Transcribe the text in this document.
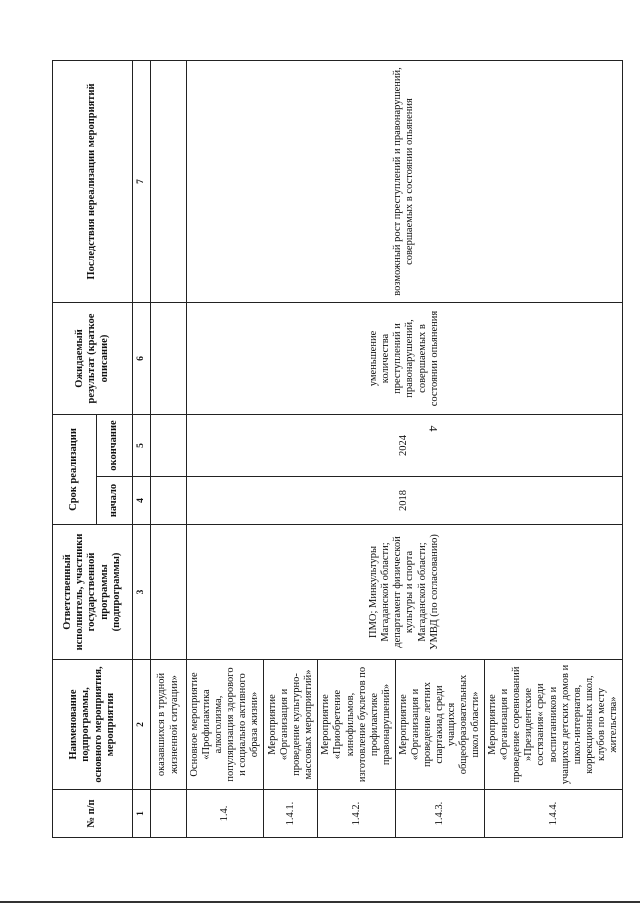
4
№ п/п	Наименование подпрограммы, основного мероприятия, мероприятия	Ответственный исполнитель, участники государственной программы (подпрограммы)	Срок реализации		Ожидаемый результат (краткое описание)	Последствия нереализации мероприятий
			начало	окончание		
1	2	3	4	5	6	7
	оказавшихся в трудной жизненной ситуации»					
1.4.	Основное мероприятие «Профилактика алкоголизма, популяризация здорового и социально активного образа жизни»	ПМО; Минкультуры Магаданской области; департамент физической культуры и спорта Магаданской области; УМВД (по согласованию)	2018	2024	уменьшение количества преступлений и правонарушений, совершаемых в состоянии опьянения	возможный рост преступлений и правонарушений, совершаемых в состоянии опьянения
1.4.1.	Мероприятие «Организация и проведение культурно-массовых мероприятий»					
1.4.2.	Мероприятие «Приобретение кинофильмов, изготовление буклетов по профилактике правонарушений»					
1.4.3.	Мероприятие «Организация и проведение летних спартакиад среди учащихся общеобразовательных школ области»					
1.4.4.	Мероприятие «Организация и проведение соревнований »Президентские состязания« среди воспитанников и учащихся детских домов и школ-интернатов, коррекционных школ, клубов по месту жительства»					
